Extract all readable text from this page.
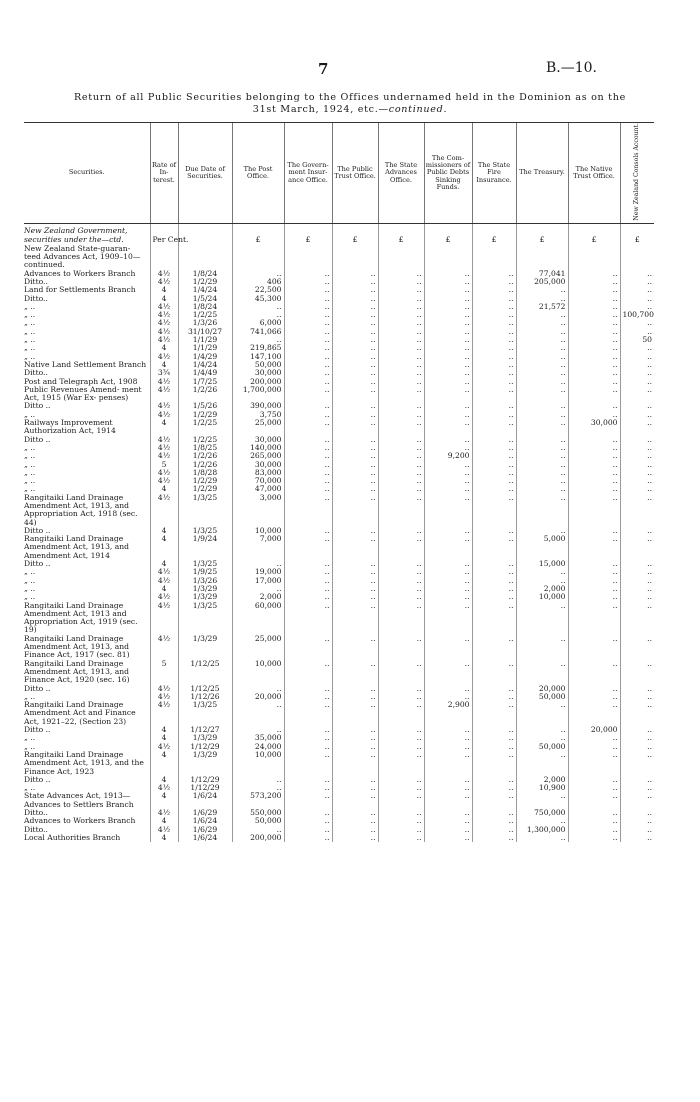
7	B.—10.
Return of all Public Securities belonging to the Offices undernamed held in the Dominion as on the
31st March, 1924, etc.—continued.
Securities.	Rate of In- terest.	Due Date of Securities.	The Post Office.	The Govern- ment Insur- ance Office.	The Public Trust Office.	The State Advances Office.	The Com- missioners of Public Debts Sinking Funds.	The State Fire Insurance.	The Treasury.	The Native Trust Office.	New Zealand Consols Account.
New Zealand Government,
securities under the—ctd.	Per Cent.		£	£	£	£	£	£	£	£	£
New Zealand State-guaran- teed Advances Act, 1909–10—continued.											
Advances to Workers Branch	4½	1/8/24	..	..	..	..	..	..	77,041	..	..
Ditto..	4½	1/2/29	406	..	..	..	..	..	205,000	..	..
Land for Settlements Branch	4	1/4/24	22,500	..	..	..	..	..	..	..	..
Ditto..	4	1/5/24	45,300	..	..	..	..	..	..	..	..
„ ..	4½	1/8/24	..	..	..	..	..	..	21,572	..	..
„ ..	4½	1/2/25	..	..	..	..	..	..	..	..	100,700
„ ..	4½	1/3/26	6,000	..	..	..	..	..	..	..	..
„ ..	4½	31/10/27	741,066	..	..	..	..	..	..	..	..
„ ..	4½	1/1/29	..	..	..	..	..	..	..	..	50
„ ..	4	1/1/29	219,865	..	..	..	..	..	..	..	..
„ ..	4½	1/4/29	147,100	..	..	..	..	..	..	..	..
Native Land Settlement Branch	4	1/4/24	50,000	..	..	..	..	..	..	..	..
Ditto..	3¾	1/4/49	30,000	..	..	..	..	..	..	..	..
Post and Telegraph Act, 1908	4½	1/7/25	200,000	..	..	..	..	..	..	..	..
Public Revenues Amend- ment Act, 1915 (War Ex- penses)	4½	1/2/26	1,700,000	..	..	..	..	..	..	..	..
Ditto ..	4½	1/5/26	390,000	..	..	..	..	..	..	..	..
„ ..	4½	1/2/29	3,750	..	..	..	..	..	..	..	..
Railways Improvement Authorization Act, 1914	4	1/2/25	25,000	..	..	..	..	..	..	30,000	..
Ditto ..	4½	1/2/25	30,000	..	..	..	..	..	..	..	..
„ ..	4½	1/8/25	140,000	..	..	..	..	..	..	..	..
„ ..	4½	1/2/26	265,000	..	..	..	9,200	..	..	..	..
„ ..	5	1/2/26	30,000	..	..	..	..	..	..	..	..
„ ..	4½	1/8/28	83,000	..	..	..	..	..	..	..	..
„ ..	4½	1/2/29	70,000	..	..	..	..	..	..	..	..
„ ..	4	1/2/29	47,000	..	..	..	..	..	..	..	..
Rangitaiki Land Drainage Amendment Act, 1913, and Appropriation Act, 1918 (sec. 44)	4½	1/3/25	3,000	..	..	..	..	..	..	..	..
Ditto ..	4	1/3/25	10,000	..	..	..	..	..	..	..	..
Rangitaiki Land Drainage Amendment Act, 1913, and Amendment Act, 1914	4	1/9/24	7,000	..	..	..	..	..	5,000	..	..
Ditto ..	4	1/3/25	..	..	..	..	..	..	15,000	..	..
„ ..	4½	1/9/25	19,000	..	..	..	..	..	..	..	..
„ ..	4½	1/3/26	17,000	..	..	..	..	..	..	..	..
„ ..	4	1/3/29	..	..	..	..	..	..	2,000	..	..
„ ..	4½	1/3/29	2,000	..	..	..	..	..	10,000	..	..
Rangitaiki Land Drainage Amendment Act, 1913 and Appropriation Act, 1919 (sec. 19)	4½	1/3/25	60,000	..	..	..	..	..	..	..	..
Rangitaiki Land Drainage Amendment Act, 1913, and Finance Act, 1917 (sec. 81)	4½	1/3/29	25,000	..	..	..	..	..	..	..	..
Rangitaiki Land Drainage Amendment Act, 1913, and Finance Act, 1920 (sec. 16)	5	1/12/25	10,000	..	..	..	..	..	..	..	..
Ditto ..	4½	1/12/25	..	..	..	..	..	..	20,000	..	..
„ ..	4½	1/12/26	20,000	..	..	..	..	..	50,000	..	..
Rangitaiki Land Drainage Amendment Act and Finance Act, 1921–22, (Section 23)	4½	1/3/25	..	..	..	..	2,900	..	..	..	..
Ditto ..	4	1/12/27	..	..	..	..	..	..	..	20,000	..
„ ..	4	1/3/29	35,000	..	..	..	..	..	..	..	..
„ ..	4½	1/12/29	24,000	..	..	..	..	..	50,000	..	..
Rangitaiki Land Drainage Amendment Act, 1913, and the Finance Act, 1923	4	1/3/29	10,000	..	..	..	..	..	..	..	..
Ditto ..	4	1/12/29	..	..	..	..	..	..	2,000	..	..
„ ..	4½	1/12/29	..	..	..	..	..	..	10,900	..	..
State Advances Act, 1913— Advances to Settlers Branch	4	1/6/24	573,200	..	..	..	..	..	..	..	..
Ditto..	4½	1/6/29	550,000	..	..	..	..	..	750,000	..	..
Advances to Workers Branch	4	1/6/24	50,000	..	..	..	..	..	..	..	..
Ditto..	4½	1/6/29	..	..	..	..	..	..	1,300,000	..	..
Local Authorities Branch	4	1/6/24	200,000	..	..	..	..	..	..	..	..
